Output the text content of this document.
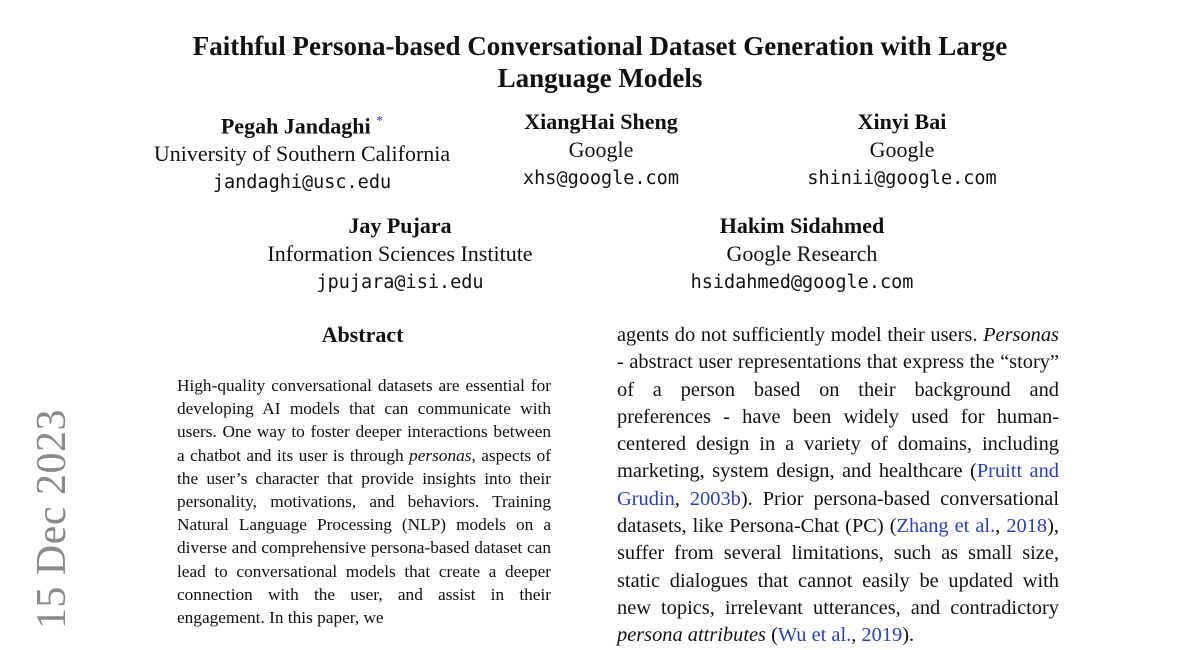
15 Dec 2023
Faithful Persona-based Conversational Dataset Generation with Large Language Models
Pegah Jandaghi *
University of Southern California
jandaghi@usc.edu
XiangHai Sheng
Google
xhs@google.com
Xinyi Bai
Google
shinii@google.com
Jay Pujara
Information Sciences Institute
jpujara@isi.edu
Hakim Sidahmed
Google Research
hsidahmed@google.com
Abstract
High-quality conversational datasets are essential for developing AI models that can communicate with users. One way to foster deeper interactions between a chatbot and its user is through personas, aspects of the user’s character that provide insights into their personality, motivations, and behaviors. Training Natural Language Processing (NLP) models on a diverse and comprehensive persona-based dataset can lead to conversational models that create a deeper connection with the user, and assist in their engagement. In this paper, we
agents do not sufficiently model their users. Personas - abstract user representations that express the “story” of a person based on their background and preferences - have been widely used for human-centered design in a variety of domains, including marketing, system design, and healthcare (Pruitt and Grudin, 2003b). Prior persona-based conversational datasets, like Persona-Chat (PC) (Zhang et al., 2018), suffer from several limitations, such as small size, static dialogues that cannot easily be updated with new topics, irrelevant utterances, and contradictory persona attributes (Wu et al., 2019).
